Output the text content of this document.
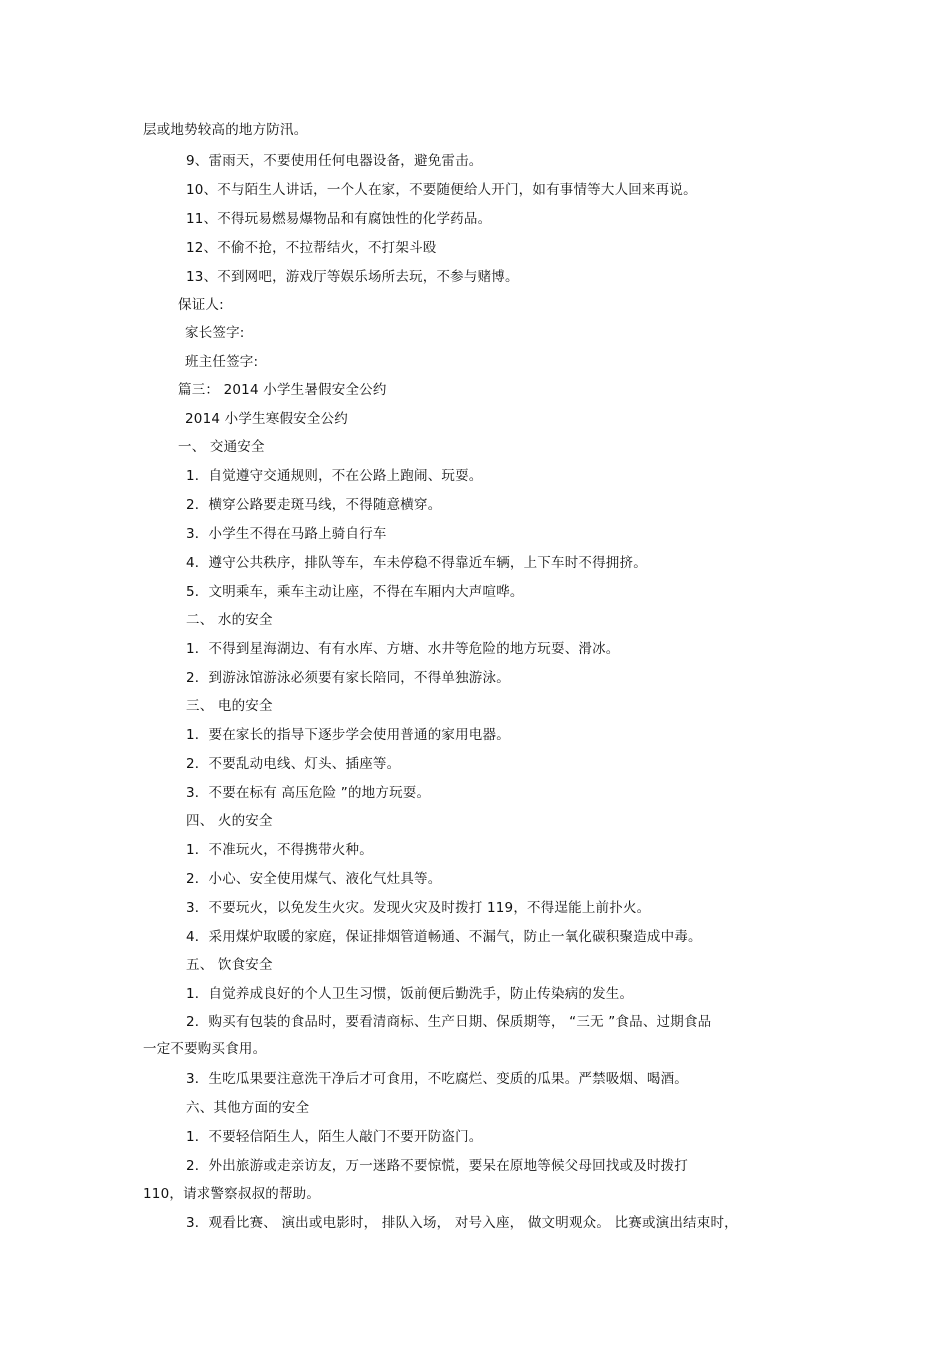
层或地势较高的地方防汛。
9、雷雨天，不要使用任何电器设备，避免雷击。
10、不与陌生人讲话，一个人在家，不要随便给人开门，如有事情等大人回来再说。
11、不得玩易燃易爆物品和有腐蚀性的化学药品。
12、不偷不抢，不拉帮结火，不打架斗殴
13、不到网吧，游戏厅等娱乐场所去玩，不参与赌博。
保证人:
家长签字:
班主任签字:
篇三： 2014 小学生暑假安全公约
2014 小学生寒假安全公约
一、 交通安全
1．自觉遵守交通规则，不在公路上跑闹、玩耍。
2．横穿公路要走斑马线，不得随意横穿。
3．小学生不得在马路上骑自行车
4．遵守公共秩序，排队等车，车未停稳不得靠近车辆，上下车时不得拥挤。
5．文明乘车，乘车主动让座，不得在车厢内大声喧哗。
二、 水的安全
1．不得到星海湖边、有有水库、方塘、水井等危险的地方玩耍、滑冰。
2．到游泳馆游泳必须要有家长陪同，不得单独游泳。
三、 电的安全
1．要在家长的指导下逐步学会使用普通的家用电器。
2．不要乱动电线、灯头、插座等。
3．不要在标有 高压危险 ”的地方玩耍。
四、 火的安全
1．不准玩火，不得携带火种。
2．小心、安全使用煤气、液化气灶具等。
3．不要玩火，以免发生火灾。发现火灾及时拨打 119，不得逞能上前扑火。
4．采用煤炉取暖的家庭，保证排烟管道畅通、不漏气，防止一氧化碳积聚造成中毒。
五、 饮食安全
1．自觉养成良好的个人卫生习惯，饭前便后勤洗手，防止传染病的发生。
2．购买有包装的食品时，要看清商标、生产日期、保质期等， “三无 ”食品、过期食品
一定不要购买食用。
3．生吃瓜果要注意洗干净后才可食用，不吃腐烂、变质的瓜果。严禁吸烟、喝酒。
六、其他方面的安全
1．不要轻信陌生人，陌生人敲门不要开防盗门。
2．外出旅游或走亲访友，万一迷路不要惊慌，要呆在原地等候父母回找或及时拨打
110，请求警察叔叔的帮助。
3．观看比赛、 演出或电影时， 排队入场， 对号入座， 做文明观众。 比赛或演出结束时，
